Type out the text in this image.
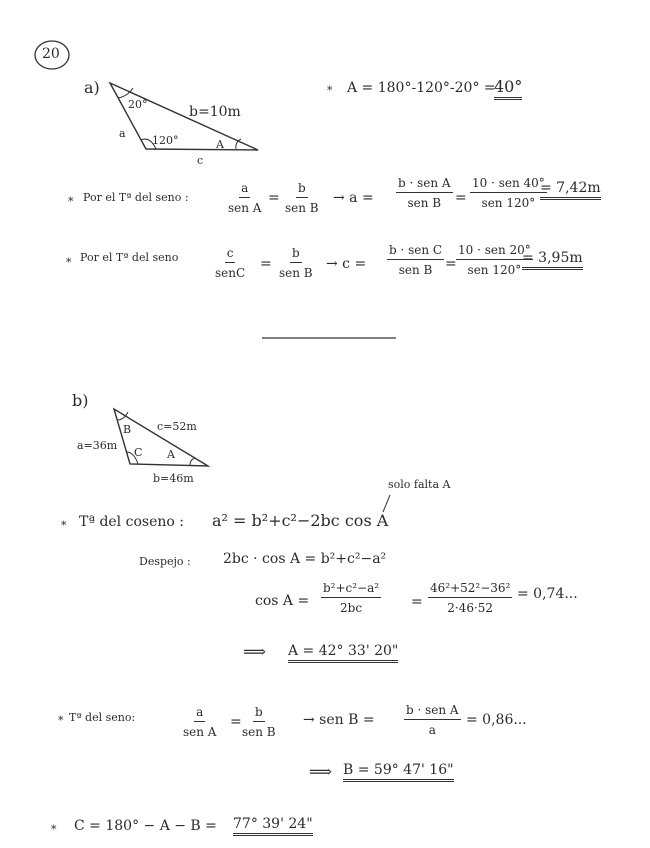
20
a)
20°
120°	A
b=10m
a
c
* A = 180°-120°-20° =
40°
* Por el Tª del seno :
a
sen A
=
b
sen B
→ a =
b · sen A
sen B =
10 · sen 40°
sen 120°
= 7,42m
* Por el Tª del seno	c
senC
=
b
sen B
→ c =
b · sen C
sen B =
10 · sen 20°
sen 120°
= 3,95m
b)
B
C A
c=52m
a=36m
b=46m	solo falta A
* Tª del coseno : a² = b²+c²−2bc cos A
Despejo : 2bc · cos A = b²+c²−a²
$\cos A = \frac{\text{b²+c²−a²}}{2bc} = \frac{\text{46²+52²−36²}}{2\cdot 46\cdot 52} = 0,74$...
⟹ A = 42° 33' 20"
* Tª del seno:	a
sen A
=
b
sen B
→ sen B =
b · sen A
a
= 0,86...
⟹ B = 59° 47' 16"
* C = 180° − A − B = 77° 39' 24"
